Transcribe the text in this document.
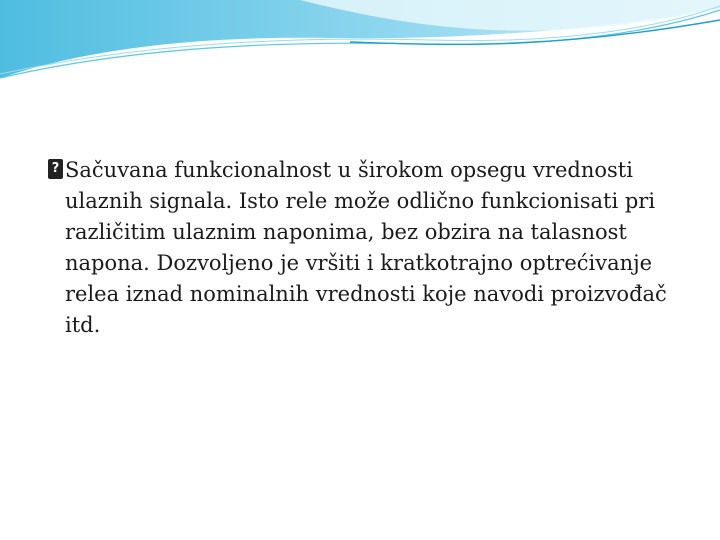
? Sačuvana funkcionalnost u širokom opsegu vrednosti ulaznih signala. Isto rele može odlično funkcionisati pri različitim ulaznim naponima, bez obzira na talasnost napona. Dozvoljeno je vršiti i kratkotrajno optrećivanje relea iznad nominalnih vrednosti koje navodi proizvođač itd.
